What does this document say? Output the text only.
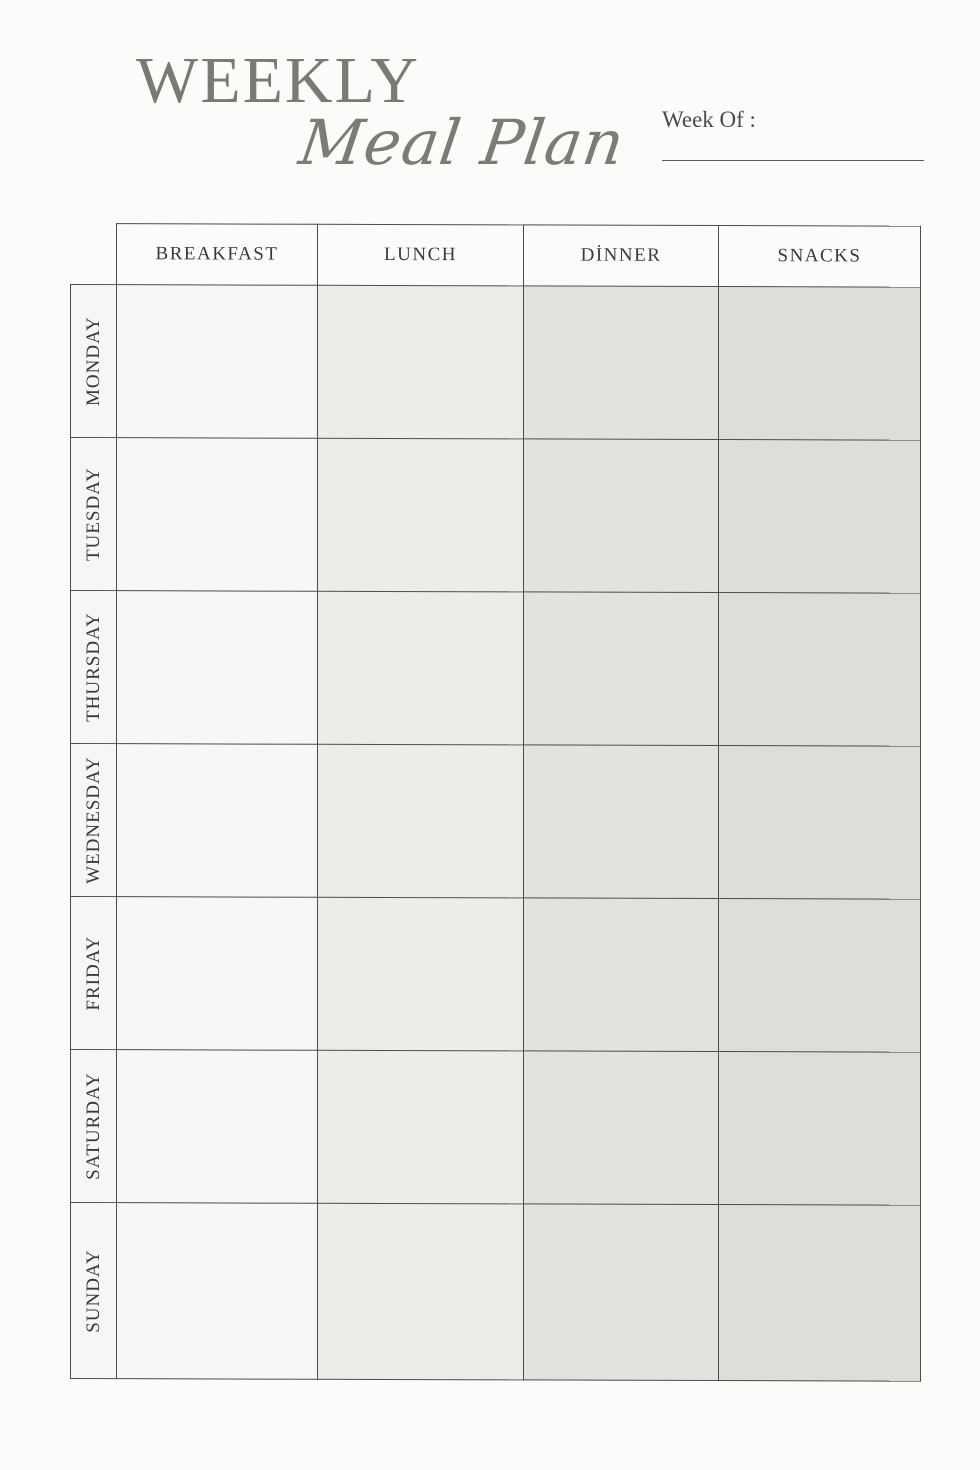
WEEKLY
Meal Plan Week Of :
	BREAKFAST	LUNCH	DİNNER	SNACKS

MONDAY				

TUESDAY				

THURSDAY				

WEDNESDAY				

FRIDAY				

SATURDAY				

SUNDAY				
